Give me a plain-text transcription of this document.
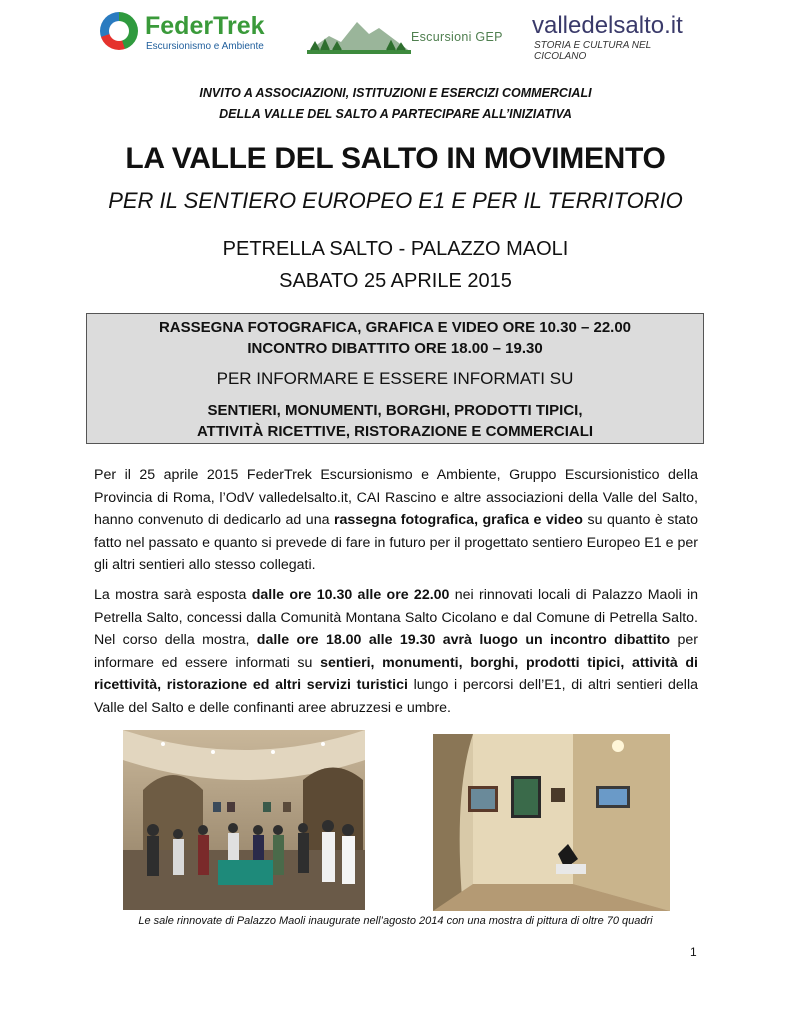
FederTrek
Escursionismo e Ambiente
Escursioni GEP valledelsalto.it
STORIA E CULTURA NEL CICOLANO
INVITO A ASSOCIAZIONI, ISTITUZIONI E ESERCIZI COMMERCIALI
DELLA VALLE DEL SALTO A PARTECIPARE ALL’INIZIATIVA
LA VALLE DEL SALTO IN MOVIMENTO
PER IL SENTIERO EUROPEO E1 E PER IL TERRITORIO
PETRELLA SALTO - PALAZZO MAOLI
SABATO 25 APRILE 2015
RASSEGNA FOTOGRAFICA, GRAFICA E VIDEO ORE 10.30 – 22.00
INCONTRO DIBATTITO ORE 18.00 – 19.30
PER INFORMARE E ESSERE INFORMATI SU
SENTIERI, MONUMENTI, BORGHI, PRODOTTI TIPICI,
ATTIVITÀ RICETTIVE, RISTORAZIONE E COMMERCIALI

Per il 25 aprile 2015 FederTrek Escursionismo e Ambiente, Gruppo Escursionistico della Provincia di Roma, l’OdV valledelsalto.it, CAI Rascino e altre associazioni della Valle del Salto, hanno convenuto di dedicarlo ad una rassegna fotografica, grafica e video su quanto è stato fatto nel passato e quanto si prevede di fare in futuro per il progettato sentiero Europeo E1 e per gli altri sentieri allo stesso collegati.

La mostra sarà esposta dalle ore 10.30 alle ore 22.00 nei rinnovati locali di Palazzo Maoli in Petrella Salto, concessi dalla Comunità Montana Salto Cicolano e dal Comune di Petrella Salto. Nel corso della mostra, dalle ore 18.00 alle 19.30 avrà luogo un incontro dibattito per informare ed essere informati su sentieri, monumenti, borghi, prodotti tipici, attività di ricettività, ristorazione ed altri servizi turistici lungo i percorsi dell’E1, di altri sentieri della Valle del Salto e delle confinanti aree abruzzesi e umbre.

Le sale rinnovate di Palazzo Maoli inaugurate nell’agosto 2014 con una mostra di pittura di oltre 70 quadri
1
